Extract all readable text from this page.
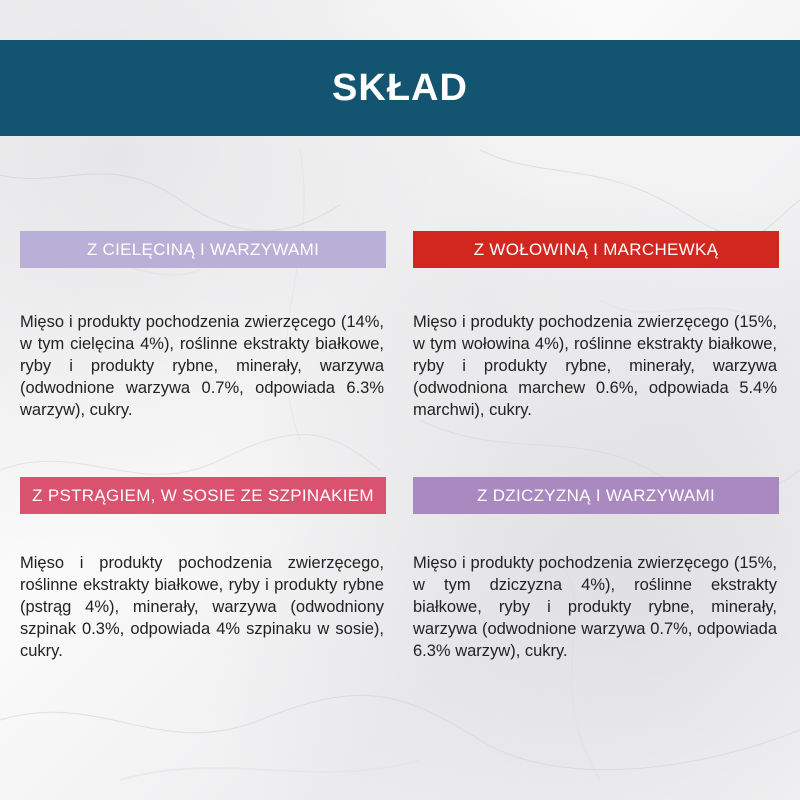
SKŁAD
Z CIELĘCINĄ I WARZYWAMI
Mięso i produkty pochodzenia zwierzęcego (14%, w tym cielęcina 4%), roślinne ekstrakty białkowe, ryby i produkty rybne, minerały, warzywa (odwodnione warzywa 0.7%, odpowiada 6.3% warzyw), cukry.
Z WOŁOWINĄ I MARCHEWKĄ
Mięso i produkty pochodzenia zwierzęcego (15%, w tym wołowina 4%), roślinne ekstrakty białkowe, ryby i produkty rybne, minerały, warzywa (odwodniona marchew 0.6%, odpowiada 5.4% marchwi), cukry.
Z PSTRĄGIEM, W SOSIE ZE SZPINAKIEM
Mięso i produkty pochodzenia zwierzęcego, roślinne ekstrakty białkowe, ryby i produkty rybne (pstrąg 4%), minerały, warzywa (odwodniony szpinak 0.3%, odpowiada 4% szpinaku w sosie), cukry.
Z DZICZYZNĄ I WARZYWAMI
Mięso i produkty pochodzenia zwierzęcego (15%, w tym dziczyzna 4%), roślinne ekstrakty białkowe, ryby i produkty rybne, minerały, warzywa (odwodnione warzywa 0.7%, odpowiada 6.3% warzyw), cukry.
